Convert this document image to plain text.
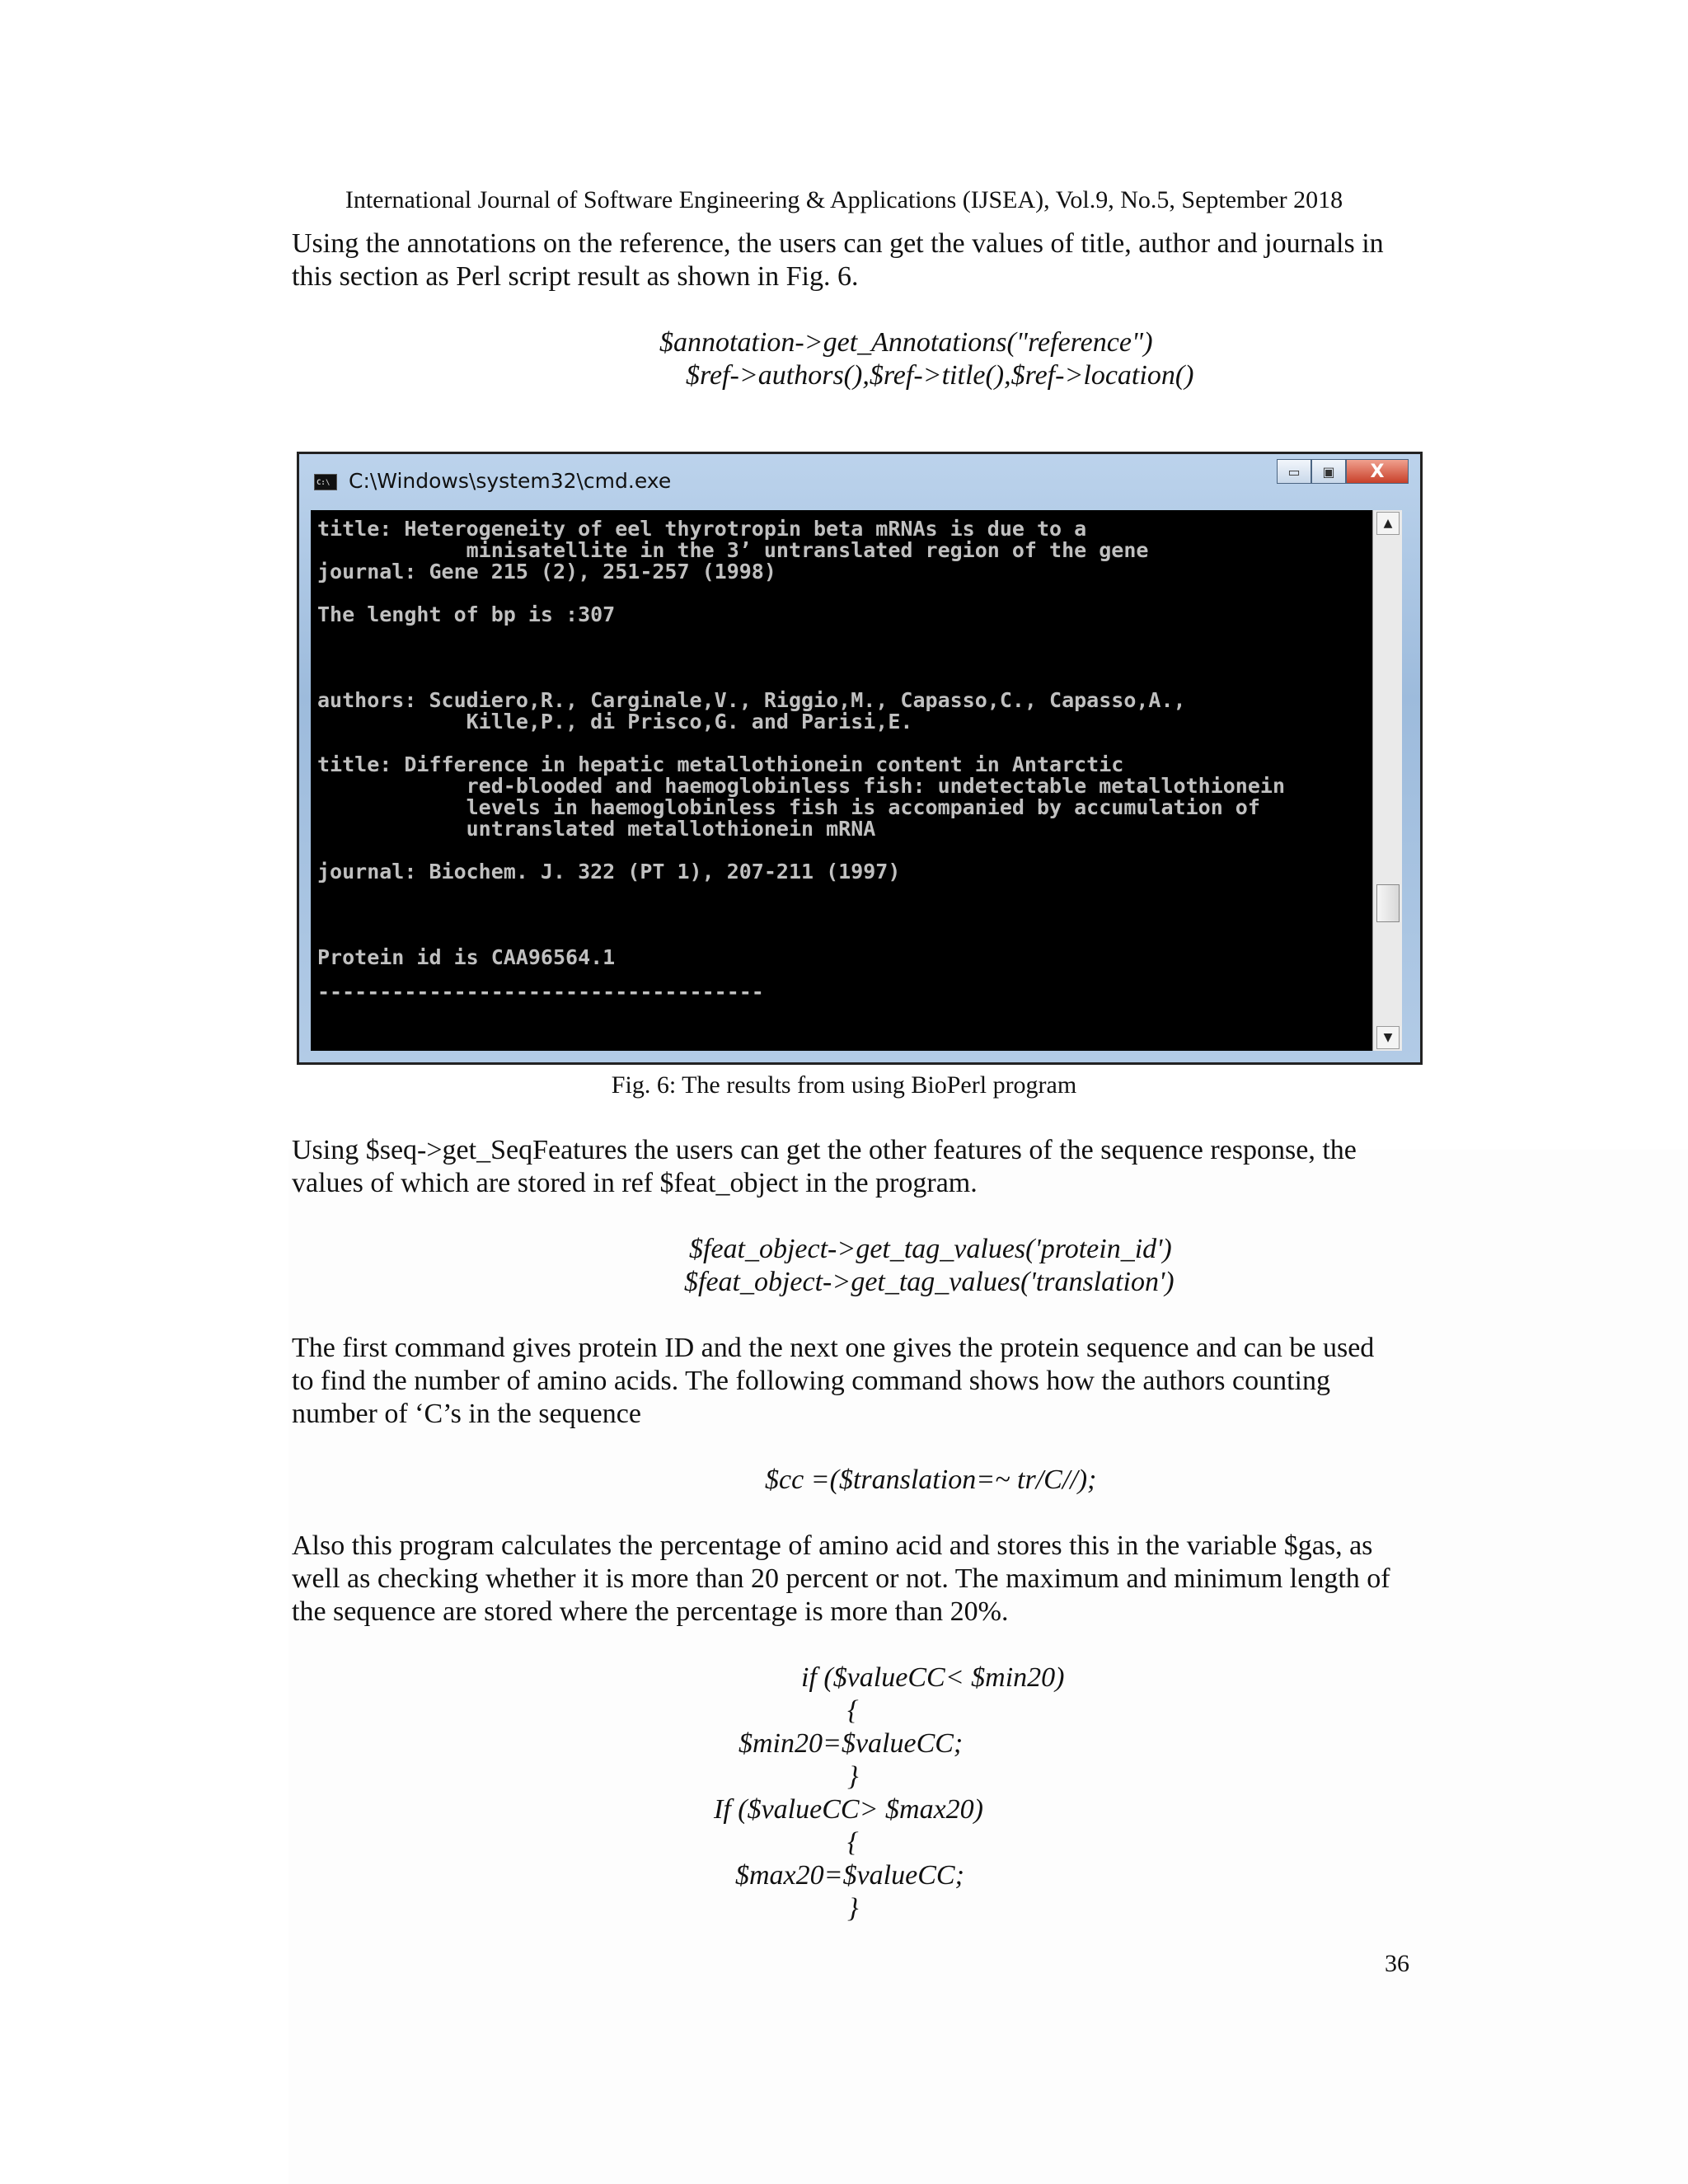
International Journal of Software Engineering & Applications (IJSEA), Vol.9, No.5, September 2018
Using the annotations on the reference, the users can get the values of title, author and journals in
this section as Perl script result as shown in Fig. 6.
$annotation->get_Annotations("reference")
$ref->authors(),$ref->title(),$ref->location()
C:\ C:\Windows\system32\cmd.exe	▭	▣	X
title: Heterogeneity of eel thyrotropin beta mRNAs is due to a
minisatellite in the 3’ untranslated region of the gene
journal: Gene 215 (2), 251-257 (1998)
The lenght of bp is :307
authors: Scudiero,R., Carginale,V., Riggio,M., Capasso,C., Capasso,A.,
Kille,P., di Prisco,G. and Parisi,E.
title: Difference in hepatic metallothionein content in Antarctic
red-blooded and haemoglobinless fish: undetectable metallothionein
levels in haemoglobinless fish is accompanied by accumulation of
untranslated metallothionein mRNA
journal: Biochem. J. 322 (PT 1), 207-211 (1997)
Protein id is CAA96564.1
------------------------------------
▲
▼
Fig. 6: The results from using BioPerl program
Using $seq->get_SeqFeatures the users can get the other features of the sequence response, the
values of which are stored in ref $feat_object in the program.
$feat_object->get_tag_values('protein_id')
$feat_object->get_tag_values('translation')
The first command gives protein ID and the next one gives the protein sequence and can be used
to find the number of amino acids. The following command shows how the authors counting
number of ‘C’s in the sequence
$cc =($translation=~ tr/C//);
Also this program calculates the percentage of amino acid and stores this in the variable $gas, as
well as checking whether it is more than 20 percent or not. The maximum and minimum length of
the sequence are stored where the percentage is more than 20%.
if ($valueCC< $min20)
{
$min20=$valueCC;
}
If ($valueCC> $max20)
{
$max20=$valueCC;
}
36
